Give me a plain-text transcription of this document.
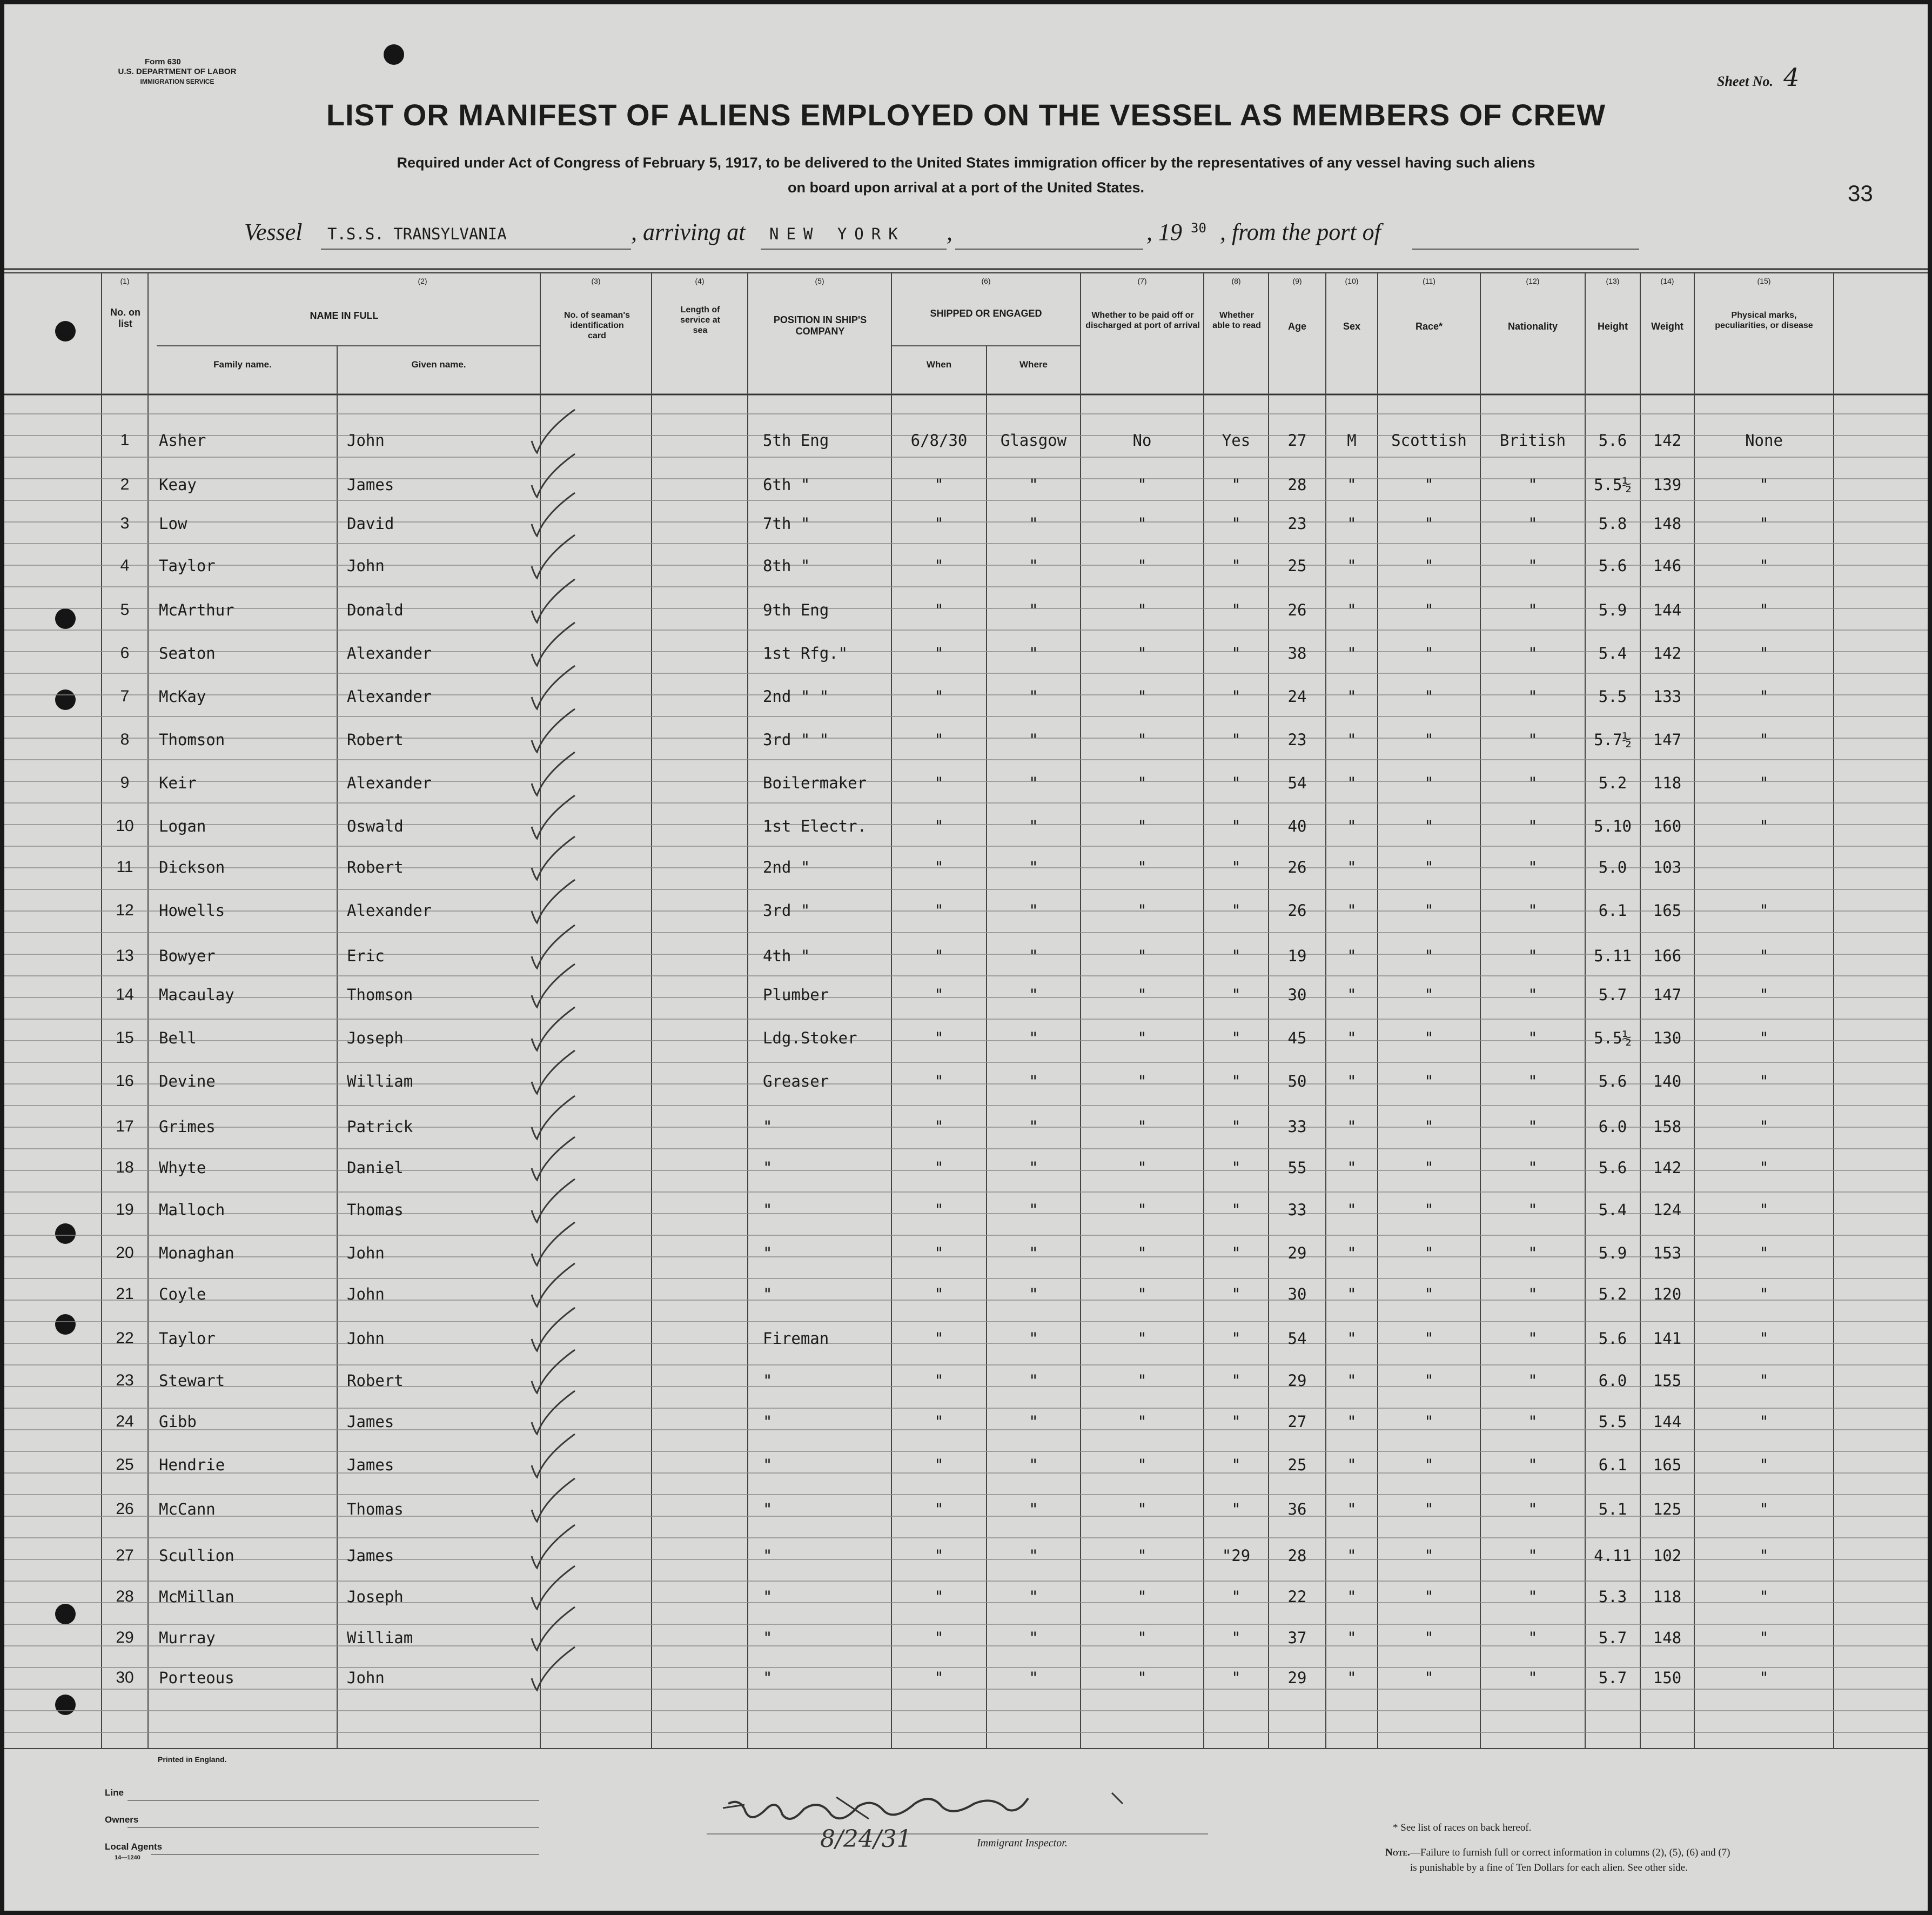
Form 630
U.S. DEPARTMENT OF LABOR
IMMIGRATION SERVICE	Sheet No. 4
LIST OR MANIFEST OF ALIENS EMPLOYED ON THE VESSEL AS MEMBERS OF CREW
Required under Act of Congress of February 5, 1917, to be delivered to the United States immigration officer by the representatives of any vessel having such aliens
on board upon arrival at a port of the United States.	33
Vessel T.S.S. TRANSYLVANIA	, arriving at NEW YORK ,	, 19 30 , from the port of
(1)	(2)	(3)	(4)	(5)	(6)	(7)	(8)	(9)	(10)	(11)	(12)	(13)	(14)	(15)
No. on list
NAME IN FULL
Family name.	Given name.
No. of seaman's identification card
Length of service at sea
POSITION IN SHIP'S COMPANY
SHIPPED OR ENGAGED
When	Where
Whether to be paid off or discharged at port of arrival
Whether able to read	Age	Sex	Race*	Nationality	Height	Weight
Physical marks, peculiarities, or disease
1	Asher	John	5th Eng	6/8/30	Glasgow	No	Yes	27	M	Scottish	British	5.6	142	None
2	Keay	James	6th "	"	"	"	"	28	"	"	"	5.5½	139	"
3	Low	David	7th "	"	"	"	"	23	"	"	"	5.8	148	"
4	Taylor	John	8th "	"	"	"	"	25	"	"	"	5.6	146	"
5	McArthur	Donald	9th Eng	"	"	"	"	26	"	"	"	5.9	144	"
6	Seaton	Alexander	1st Rfg."	"	"	"	"	38	"	"	"	5.4	142	"
7	McKay	Alexander	2nd " "	"	"	"	"	24	"	"	"	5.5	133	"
8	Thomson	Robert	3rd " "	"	"	"	"	23	"	"	"	5.7½	147	"
9	Keir	Alexander	Boilermaker	"	"	"	"	54	"	"	"	5.2	118	"
10	Logan	Oswald	1st Electr.	"	"	"	"	40	"	"	"	5.10	160	"
11	Dickson	Robert	2nd "	"	"	"	"	26	"	"	"	5.0	103
12	Howells	Alexander	3rd "	"	"	"	"	26	"	"	"	6.1	165	"
13	Bowyer	Eric	4th "	"	"	"	"	19	"	"	"	5.11	166	"
14	Macaulay	Thomson	Plumber	"	"	"	"	30	"	"	"	5.7	147	"
15	Bell	Joseph	Ldg.Stoker	"	"	"	"	45	"	"	"	5.5½	130	"
16	Devine	William	Greaser	"	"	"	"	50	"	"	"	5.6	140	"
17	Grimes	Patrick	"	"	"	"	"	33	"	"	"	6.0	158	"
18	Whyte	Daniel	"	"	"	"	"	55	"	"	"	5.6	142	"
19	Malloch	Thomas	"	"	"	"	"	33	"	"	"	5.4	124	"
20	Monaghan	John	"	"	"	"	"	29	"	"	"	5.9	153	"
21	Coyle	John	"	"	"	"	"	30	"	"	"	5.2	120	"
22	Taylor	John	Fireman	"	"	"	"	54	"	"	"	5.6	141	"
23	Stewart	Robert	"	"	"	"	"	29	"	"	"	6.0	155	"
24	Gibb	James	"	"	"	"	"	27	"	"	"	5.5	144	"
25	Hendrie	James	"	"	"	"	"	25	"	"	"	6.1	165	"
26	McCann	Thomas	"	"	"	"	"	36	"	"	"	5.1	125	"
27	Scullion	James	"	"	"	"	"29	28	"	"	"	4.11	102	"
28	McMillan	Joseph	"	"	"	"	"	22	"	"	"	5.3	118	"
29	Murray	William	"	"	"	"	"	37	"	"	"	5.7	148	"
30	Porteous	John	"	"	"	"	"	29	"	"	"	5.7	150	"
Printed in England.
Line
Owners
Local Agents
14—1240
8/24/31	Immigrant Inspector.
* See list of races on back hereof.
Note.—Failure to furnish full or correct information in columns (2), (5), (6) and (7)
is punishable by a fine of Ten Dollars for each alien. See other side.
